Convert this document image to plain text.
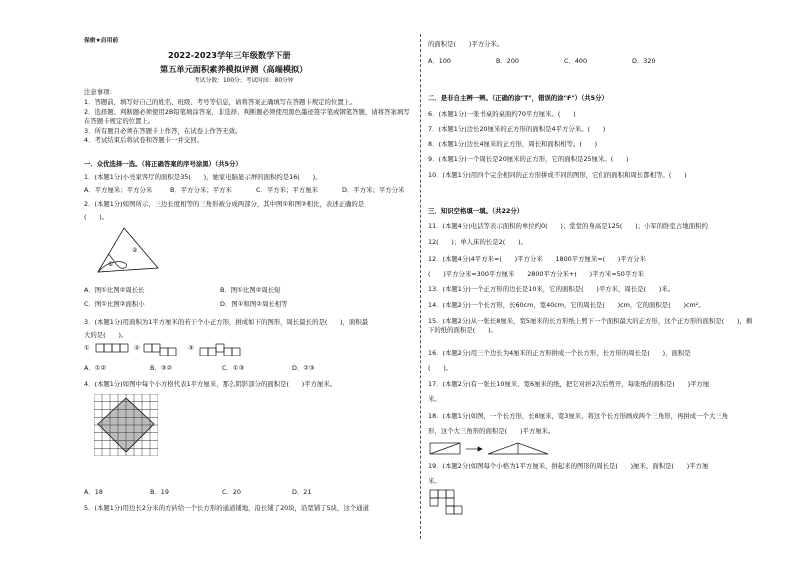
保密★启用前
2022-2023学年三年级数学下册
第五单元面积素养模拟评测（高端模拟）
考试分数：100分；考试时间：80分钟
注意事项：
1．答题前，填写好自己的姓名、班级、考号等信息，请将答案正确填写在答题卡规定的位置上。
2．选择题、判断题必须使用2B铅笔填涂答案，非选择，判断题必须使用黑色墨迹签字笔或钢笔答题，请将答案填写在答题卡规定的位置上。
3．所有题目必须在答题卡上作答，在试卷上作答无效。
4．考试结束后将试卷和答题卡一并交回。
一．众优选择一选。（将正确答案的序号涂黑）（共5分）
1．(本题1分)小亮家客厅的面积是35(　　)，她家电脑显示屏的面积约是16(　　)。
A．平方厘米；平方分米	B．平方分米；平方米	C．平方米；平方厘米	D．平方米；平方分米
2．(本题1分)如图所示，三边长度相等的三角形被分成两部分，其中图①和图②相比，表述正确的是
(　　)。
②
①
A．图①比图②周长长	B．图①比图②周长短
C．图①比图②面积小	D．图①和图②周长相等
3．(本题1分)用面积为1平方厘米的若干个小正方形，拼成如下的图形，周长最长的是(　　)，面积最
大的是(　　)。
①	②	③
A．①②	B．③②	C．①③	D．②③
4．(本题1分)如图中每个小方格代表1平方厘米，那么阴影部分的面积是(　　)平方厘米。
A．18	B．19	C．20	D．21
5．(本题1分)用边长2分米的方砖给一个长方形的通道铺地，沿长铺了20块，沿宽铺了5块，这个通道
的面积是(　　)平方分米。
A．100	B．200	C．400	D．320
二．是非自主辨一辨。（正确的涂"T"，错误的涂"F"）（共5分）
6．(本题1分)一张书桌的桌面约70平方厘米。(　　)
7．(本题1分)边长20厘米的正方形的面积是4平方分米。(　　)
8．(本题1分)边长4厘米的正方形，周长和面积相等。(　　)
9．(本题1分)一个周长是20厘米的正方形，它的面积是25厘米。(　　)
10．(本题1分)用四个完全相同的正方形拼成不同的图形，它们的面积和周长都相等。(　　)
三．知识空格填一填。（共22分）
11．(本题4分)电话等表示面积的单位约0(　　)；堂堂的身高是125(　　)；小军的卧室占地面积约
12(　　)；单人床的长是2(　　)。
12．(本题4分)4平方米=(　　)平方分米　　1800平方厘米=(　　)平方分米
(　　)平方分米=300平方厘米　　2800平方分米+(　　)平方米=50平方米
13．(本题1分)一个正方形的边长是10米，它的面积是(　　)平方米，周长是(　　)米。
14．(本题2分)一个长方形，长60cm，宽40cm，它的周长是(　　)cm，它的面积是(　　)cm²。
15．(本题2分)从一张长8厘米，宽5厘米的长方形纸上剪下一个面积最大的正方形，这个正方形的面积是(　　)，剩下的纸的面积是(　　)。
16．(本题2分)用三个边长为4厘米的正方形拼成一个长方形，长方形的周长是(　　)，面积是
(　　)。
17．(本题2分)有一张长10厘米，宽6厘米的纸，把它对折2次后剪开，每张纸的面积是(　　)平方厘
米。
18．(本题1分)如图，一个长方形，长8厘米，宽3厘米，将这个长方形画成两个三角形，再拼成一个大三角
形，这个大三角形的面积是(　　)平方厘米。
19．(本题2分)如图每个小格为1平方厘米，拼起来的图形的周长是(　　)厘米，面积是(　　)平方厘
米。
